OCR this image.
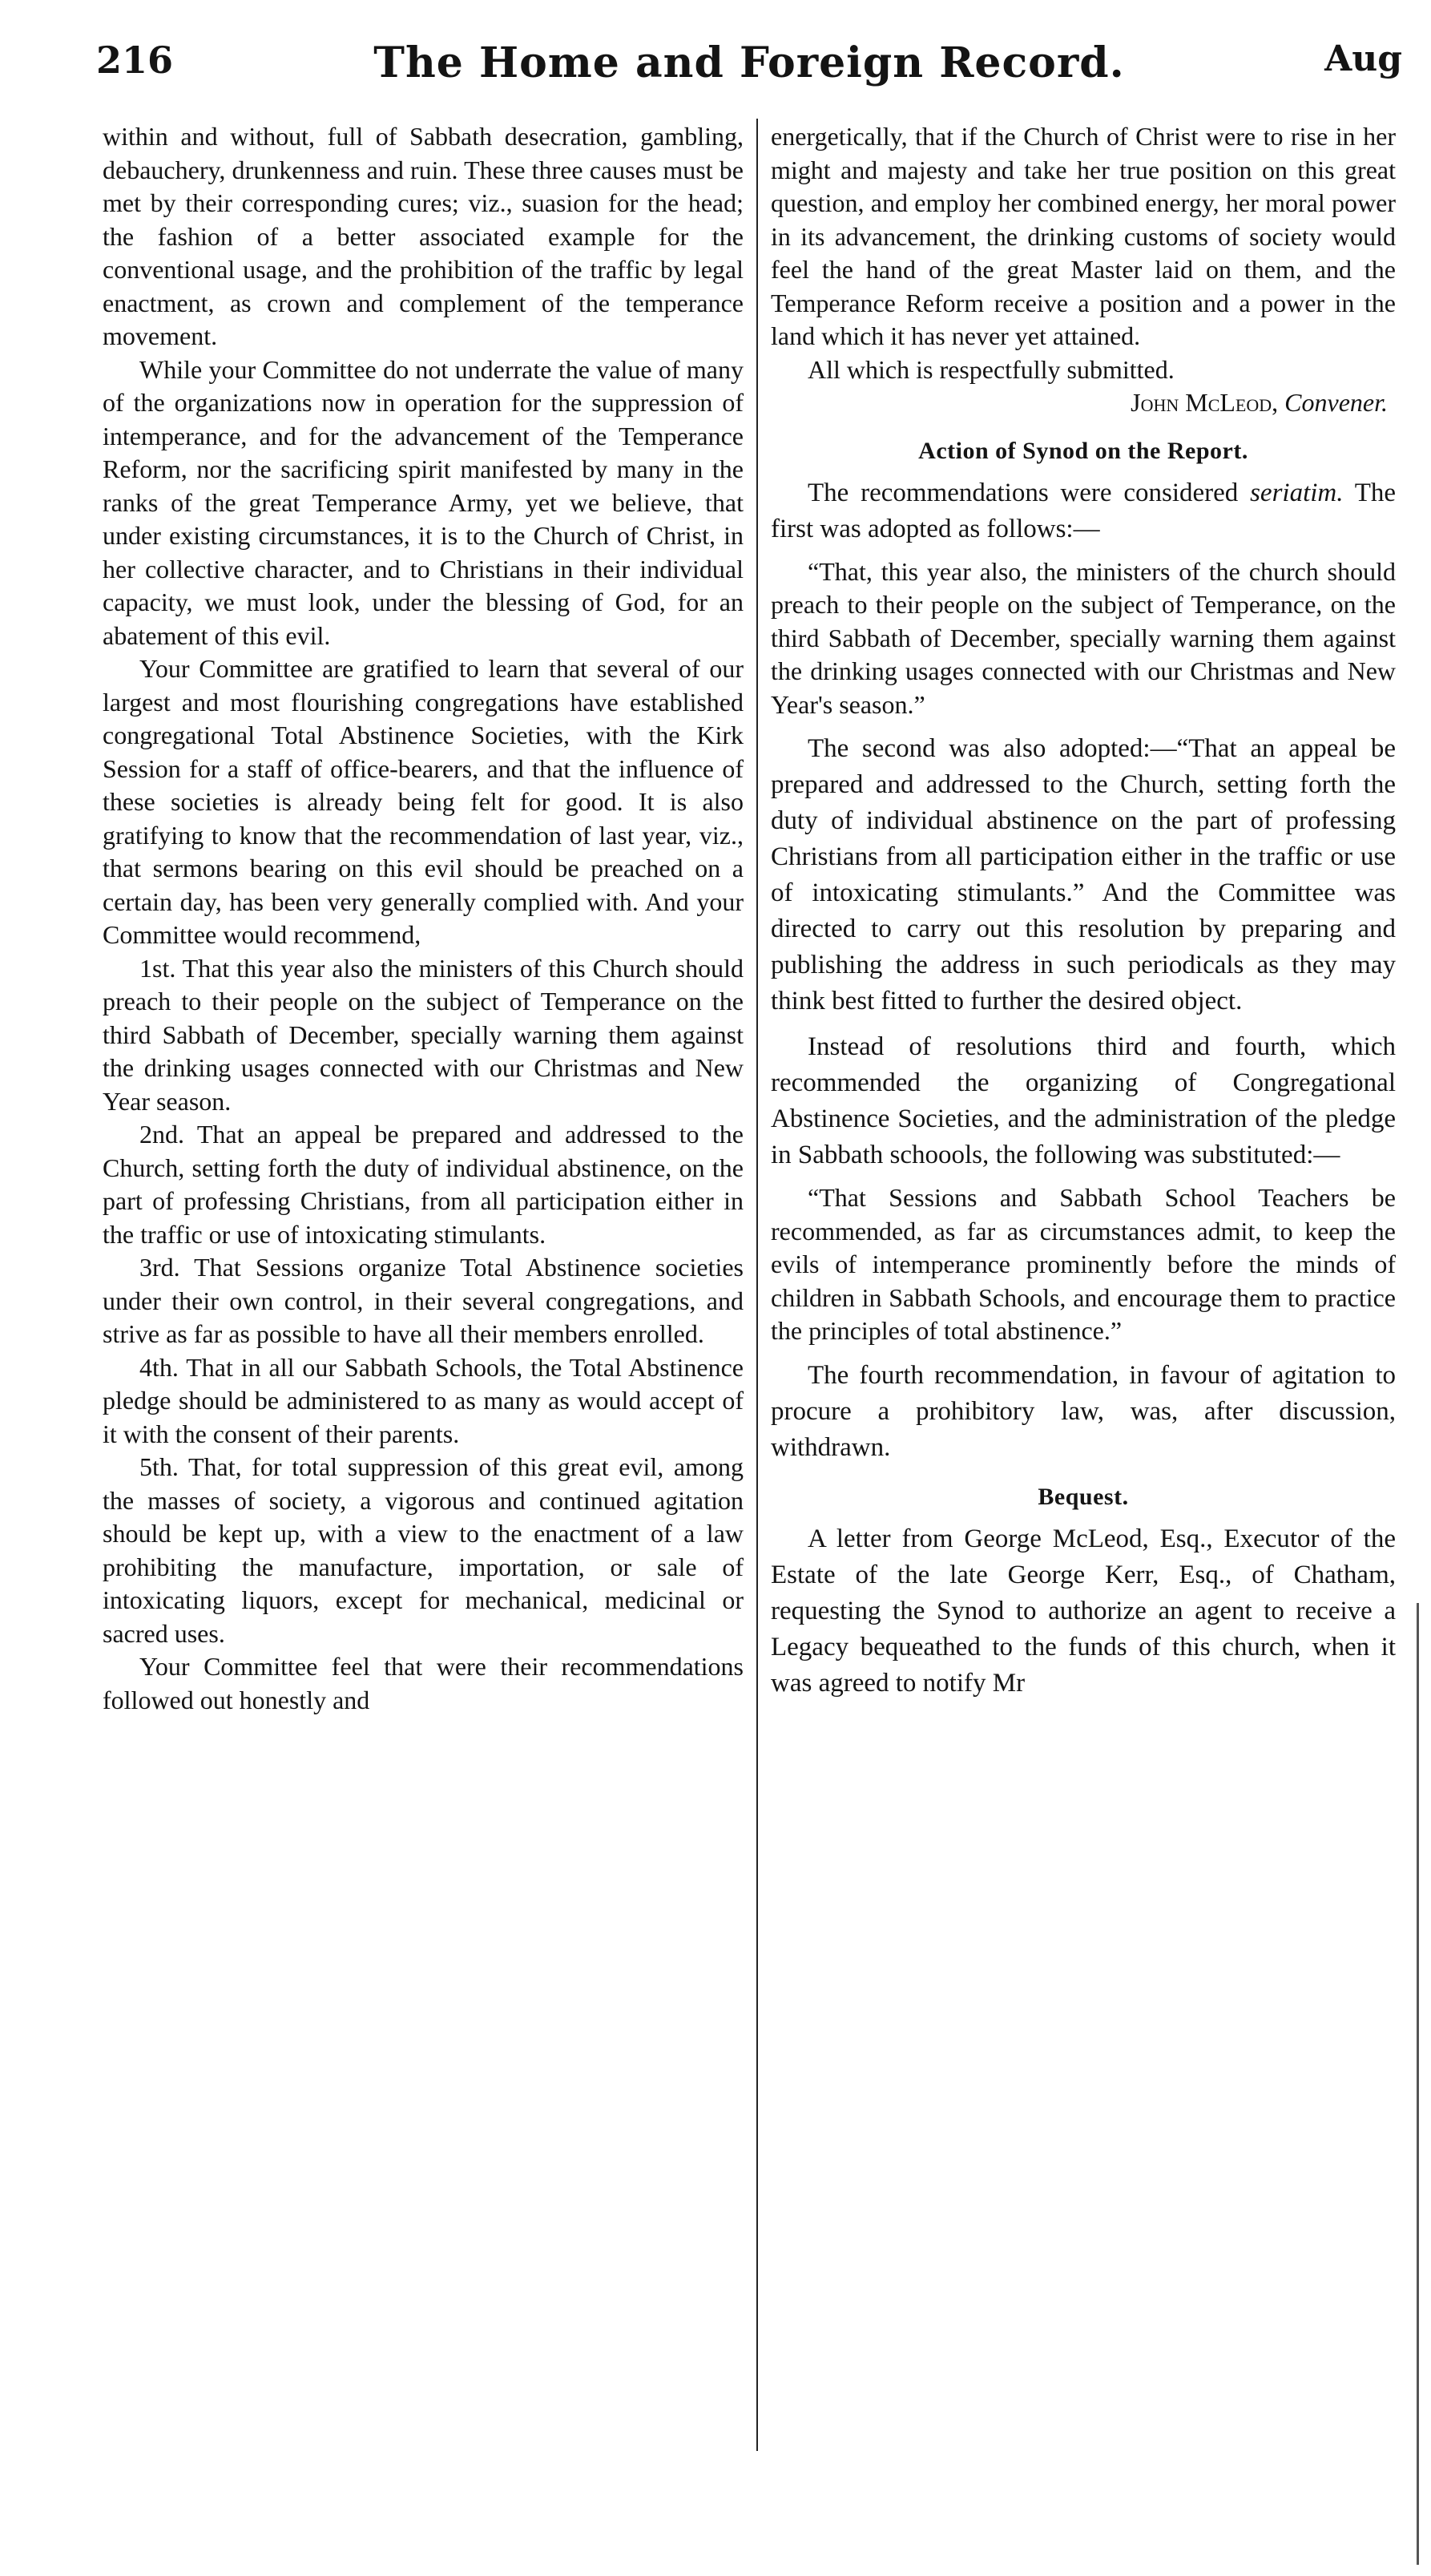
216	The Home and Foreign Record.	Aug

within and without, full of Sabbath desecration, gambling, debauchery, drunkenness and ruin. These three causes must be met by their corresponding cures; viz., suasion for the head; the fashion of a better associated example for the conventional usage, and the prohibition of the traffic by legal enactment, as crown and complement of the temperance movement.

While your Committee do not underrate the value of many of the organizations now in operation for the suppression of intemperance, and for the advancement of the Temperance Reform, nor the sacrificing spirit manifested by many in the ranks of the great Temperance Army, yet we believe, that under existing circumstances, it is to the Church of Christ, in her collective character, and to Christians in their individual capacity, we must look, under the blessing of God, for an abatement of this evil.

Your Committee are gratified to learn that several of our largest and most flourishing congregations have established congregational Total Abstinence Societies, with the Kirk Session for a staff of office-bearers, and that the influence of these societies is already being felt for good. It is also gratifying to know that the recommendation of last year, viz., that sermons bearing on this evil should be preached on a certain day, has been very generally complied with. And your Committee would recommend,

1st. That this year also the ministers of this Church should preach to their people on the subject of Temperance on the third Sabbath of December, specially warning them against the drinking usages connected with our Christmas and New Year season.

2nd. That an appeal be prepared and addressed to the Church, setting forth the duty of individual abstinence, on the part of professing Christians, from all participation either in the traffic or use of intoxicating stimulants.

3rd. That Sessions organize Total Abstinence societies under their own control, in their several congregations, and strive as far as possible to have all their members enrolled.

4th. That in all our Sabbath Schools, the Total Abstinence pledge should be administered to as many as would accept of it with the consent of their parents.

5th. That, for total suppression of this great evil, among the masses of society, a vigorous and continued agitation should be kept up, with a view to the enactment of a law prohibiting the manufacture, importation, or sale of intoxicating liquors, except for mechanical, medicinal or sacred uses.

Your Committee feel that were their recommendations followed out honestly and

energetically, that if the Church of Christ were to rise in her might and majesty and take her true position on this great question, and employ her combined energy, her moral power in its advancement, the drinking customs of society would feel the hand of the great Master laid on them, and the Temperance Reform receive a position and a power in the land which it has never yet attained.

All which is respectfully submitted.

John McLeod, Convener.

Action of Synod on the Report.

The recommendations were considered seriatim. The first was adopted as follows:—

“That, this year also, the ministers of the church should preach to their people on the subject of Temperance, on the third Sabbath of December, specially warning them against the drinking usages connected with our Christmas and New Year's season.”

The second was also adopted:—“That an appeal be prepared and addressed to the Church, setting forth the duty of individual abstinence on the part of professing Christians from all participation either in the traffic or use of intoxicating stimulants.” And the Committee was directed to carry out this resolution by preparing and publishing the address in such periodicals as they may think best fitted to further the desired object.

Instead of resolutions third and fourth, which recommended the organizing of Congregational Abstinence Societies, and the administration of the pledge in Sabbath schoools, the following was substituted:—

“That Sessions and Sabbath School Teachers be recommended, as far as circumstances admit, to keep the evils of intemperance prominently before the minds of children in Sabbath Schools, and encourage them to practice the principles of total abstinence.”

The fourth recommendation, in favour of agitation to procure a prohibitory law, was, after discussion, withdrawn.

Bequest.

A letter from George McLeod, Esq., Executor of the Estate of the late George Kerr, Esq., of Chatham, requesting the Synod to authorize an agent to receive a Legacy bequeathed to the funds of this church, when it was agreed to notify Mr
